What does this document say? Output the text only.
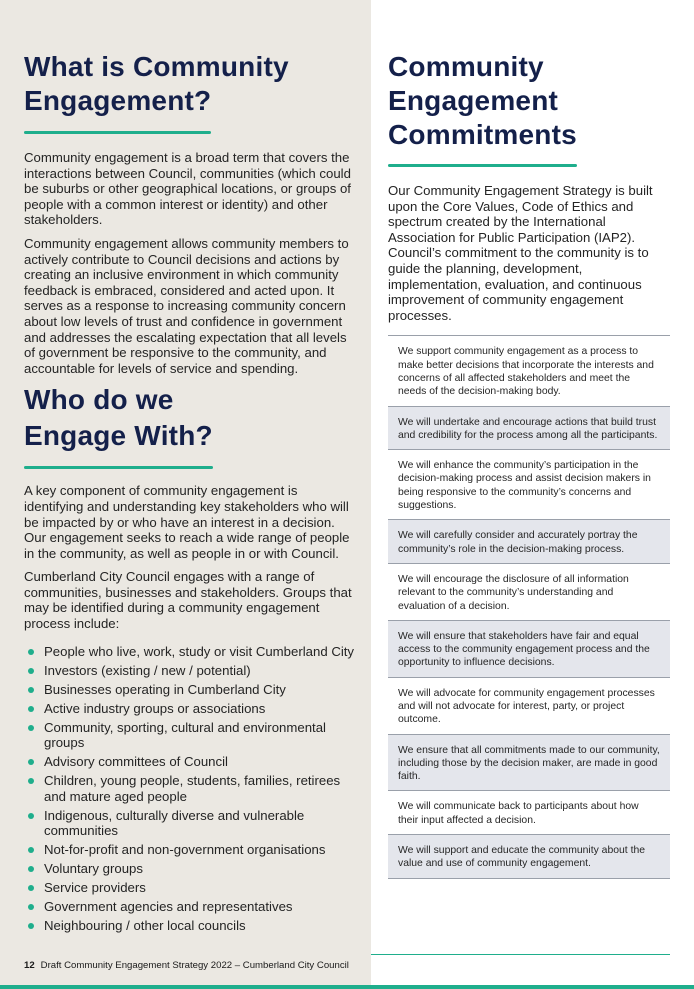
What is Community
Engagement?

Community engagement is a broad term that covers the interactions between Council, communities (which could be suburbs or other geographical locations, or groups of people with a common interest or identity) and other stakeholders.

Community engagement allows community members to actively contribute to Council decisions and actions by creating an inclusive environment in which community feedback is embraced, considered and acted upon. It serves as a response to increasing community concern about low levels of trust and confidence in government and addresses the escalating expectation that all levels of government be responsive to the community, and accountable for levels of service and spending.

Who do we
Engage With?

A key component of community engagement is identifying and understanding key stakeholders who will be impacted by or who have an interest in a decision. Our engagement seeks to reach a wide range of people in the community, as well as people in or with Council.

Cumberland City Council engages with a range of communities, businesses and stakeholders. Groups that may be identified during a community engagement process include:

People who live, work, study or visit Cumberland City
Investors (existing / new / potential)
Businesses operating in Cumberland City
Active industry groups or associations
Community, sporting, cultural and environmental groups
Advisory committees of Council
Children, young people, students, families, retirees and mature aged people
Indigenous, culturally diverse and vulnerable communities
Not-for-profit and non-government organisations
Voluntary groups
Service providers
Government agencies and representatives
Neighbouring / other local councils
Community
Engagement
Commitments

Our Community Engagement Strategy is built upon the Core Values, Code of Ethics and spectrum created by the International Association for Public Participation (IAP2). Council’s commitment to the community is to guide the planning, development, implementation, evaluation, and continuous improvement of community engagement processes.

We support community engagement as a process to make better decisions that incorporate the interests and concerns of all affected stakeholders and meet the needs of the decision-making body.
We will undertake and encourage actions that build trust and credibility for the process among all the participants.
We will enhance the community’s participation in the decision-making process and assist decision makers in being responsive to the community’s concerns and suggestions.
We will carefully consider and accurately portray the community’s role in the decision-making process.
We will encourage the disclosure of all information relevant to the community’s understanding and evaluation of a decision.
We will ensure that stakeholders have fair and equal access to the community engagement process and the opportunity to influence decisions.
We will advocate for community engagement processes and will not advocate for interest, party, or project outcome.
We ensure that all commitments made to our community, including those by the decision maker, are made in good faith.
We will communicate back to participants about how their input affected a decision.
We will support and educate the community about the value and use of community engagement.
12 Draft Community Engagement Strategy 2022 – Cumberland City Council
